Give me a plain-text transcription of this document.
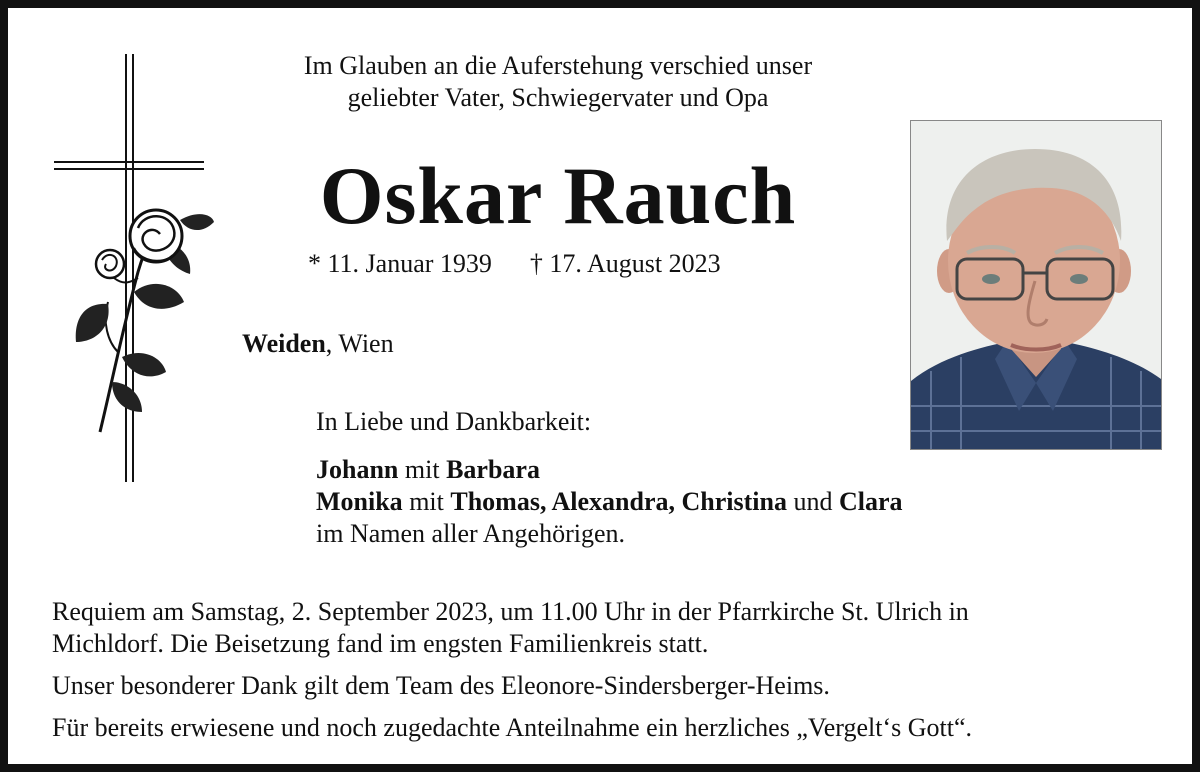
Im Glauben an die Auferstehung verschied unser
geliebter Vater, Schwiegervater und Opa
Oskar Rauch
* 11. Januar 1939 † 17. August 2023
Weiden, Wien
In Liebe und Dankbarkeit:
Johann mit Barbara
Monika mit Thomas, Alexandra, Christina und Clara
im Namen aller Angehörigen.

Requiem am Samstag, 2. September 2023, um 11.00 Uhr in der Pfarrkirche St. Ulrich in
Michldorf. Die Beisetzung fand im engsten Familienkreis statt.

Unser besonderer Dank gilt dem Team des Eleonore-Sindersberger-Heims.

Für bereits erwiesene und noch zugedachte Anteilnahme ein herzliches „Vergelt‘s Gott“.
